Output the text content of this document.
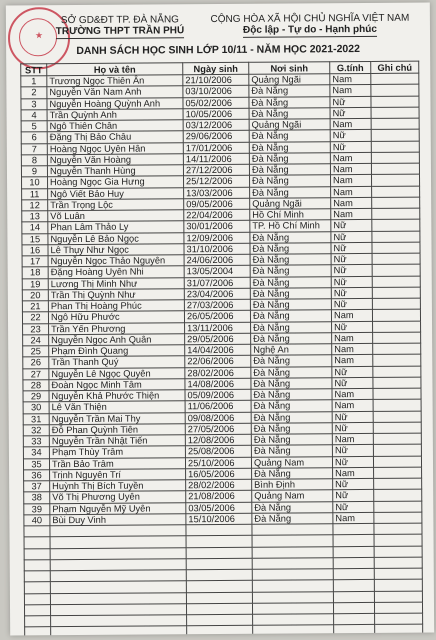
★
SỞ GD&ĐT TP. ĐÀ NẴNG
TRƯỜNG THPT TRẦN PHÚ
CỘNG HÒA XÃ HỘI CHỦ NGHĨA VIỆT NAM
Độc lập - Tự do - Hạnh phúc
DANH SÁCH HỌC SINH LỚP 10/11 - NĂM HỌC 2021-2022
STT	Họ và tên	Ngày sinh	Nơi sinh	G.tính	Ghi chú
1	Trương Ngọc Thiên Ân	21/10/2006	Quảng Ngãi	Nam	
2	Nguyễn Văn Nam Anh	03/10/2006	Đà Nẵng	Nam	
3	Nguyễn Hoàng Quỳnh Anh	05/02/2006	Đà Nẵng	Nữ	
4	Trần Quỳnh Anh	10/05/2006	Đà Nẵng	Nữ	
5	Ngô Thiên Chân	03/12/2006	Quảng Ngãi	Nam	
6	Đặng Thị Bảo Châu	29/06/2006	Đà Nẵng	Nữ	
7	Hoàng Ngọc Uyên Hân	17/01/2006	Đà Nẵng	Nữ	
8	Nguyễn Văn Hoàng	14/11/2006	Đà Nẵng	Nam	
9	Nguyễn Thanh Hùng	27/12/2006	Đà Nẵng	Nam	
10	Hoàng Ngọc Gia Hưng	25/12/2006	Đà Nẵng	Nam	
11	Ngô Viết Bảo Huy	13/03/2006	Đà Nẵng	Nam	
12	Trần Trọng Lộc	09/05/2006	Quảng Ngãi	Nam	
13	Võ Luân	22/04/2006	Hồ Chí Minh	Nam	
14	Phan Lâm Thảo Ly	30/01/2006	TP. Hồ Chí Minh	Nữ	
15	Nguyễn Lê Bảo Ngọc	12/09/2006	Đà Nẵng	Nữ	
16	Lê Thụy Như Ngọc	31/10/2006	Đà Nẵng	Nữ	
17	Nguyễn Ngọc Thảo Nguyên	24/06/2006	Đà Nẵng	Nữ	
18	Đặng Hoàng Uyên Nhi	13/05/2004	Đà Nẵng	Nữ	
19	Lương Thị Minh Như	31/07/2006	Đà Nẵng	Nữ	
20	Trần Thị Quỳnh Như	23/04/2006	Đà Nẵng	Nữ	
21	Phan Thị Hoàng Phúc	27/03/2006	Đà Nẵng	Nữ	
22	Ngô Hữu Phước	26/05/2006	Đà Nẵng	Nam	
23	Trần Yến Phương	13/11/2006	Đà Nẵng	Nữ	
24	Nguyễn Ngọc Anh Quân	29/05/2006	Đà Nẵng	Nam	
25	Phạm Đình Quang	14/04/2006	Nghệ An	Nam	
26	Trần Thanh Quý	22/06/2006	Đà Nẵng	Nam	
27	Nguyễn Lê Ngọc Quyên	28/02/2006	Đà Nẵng	Nữ	
28	Đoàn Ngọc Minh Tâm	14/08/2006	Đà Nẵng	Nữ	
29	Nguyễn Khả Phước Thiện	05/09/2006	Đà Nẵng	Nam	
30	Lê Văn Thiện	11/06/2006	Đà Nẵng	Nam	
31	Nguyễn Trần Mai Thy	09/08/2006	Đà Nẵng	Nữ	
32	Đỗ Phan Quỳnh Tiên	27/05/2006	Đà Nẵng	Nữ	
33	Nguyễn Trần Nhật Tiến	12/08/2006	Đà Nẵng	Nam	
34	Phạm Thùy Trâm	25/08/2006	Đà Nẵng	Nữ	
35	Trần Bảo Trâm	25/10/2006	Quảng Nam	Nữ	
36	Trịnh Nguyên Trí	16/05/2006	Đà Nẵng	Nam	
37	Huỳnh Thị Bích Tuyền	28/02/2006	Bình Định	Nữ	
38	Võ Thị Phương Uyên	21/08/2006	Quảng Nam	Nữ	
39	Phạm Nguyễn Mỹ Uyên	03/05/2006	Đà Nẵng	Nữ	
40	Bùi Duy Vinh	15/10/2006	Đà Nẵng	Nam	
